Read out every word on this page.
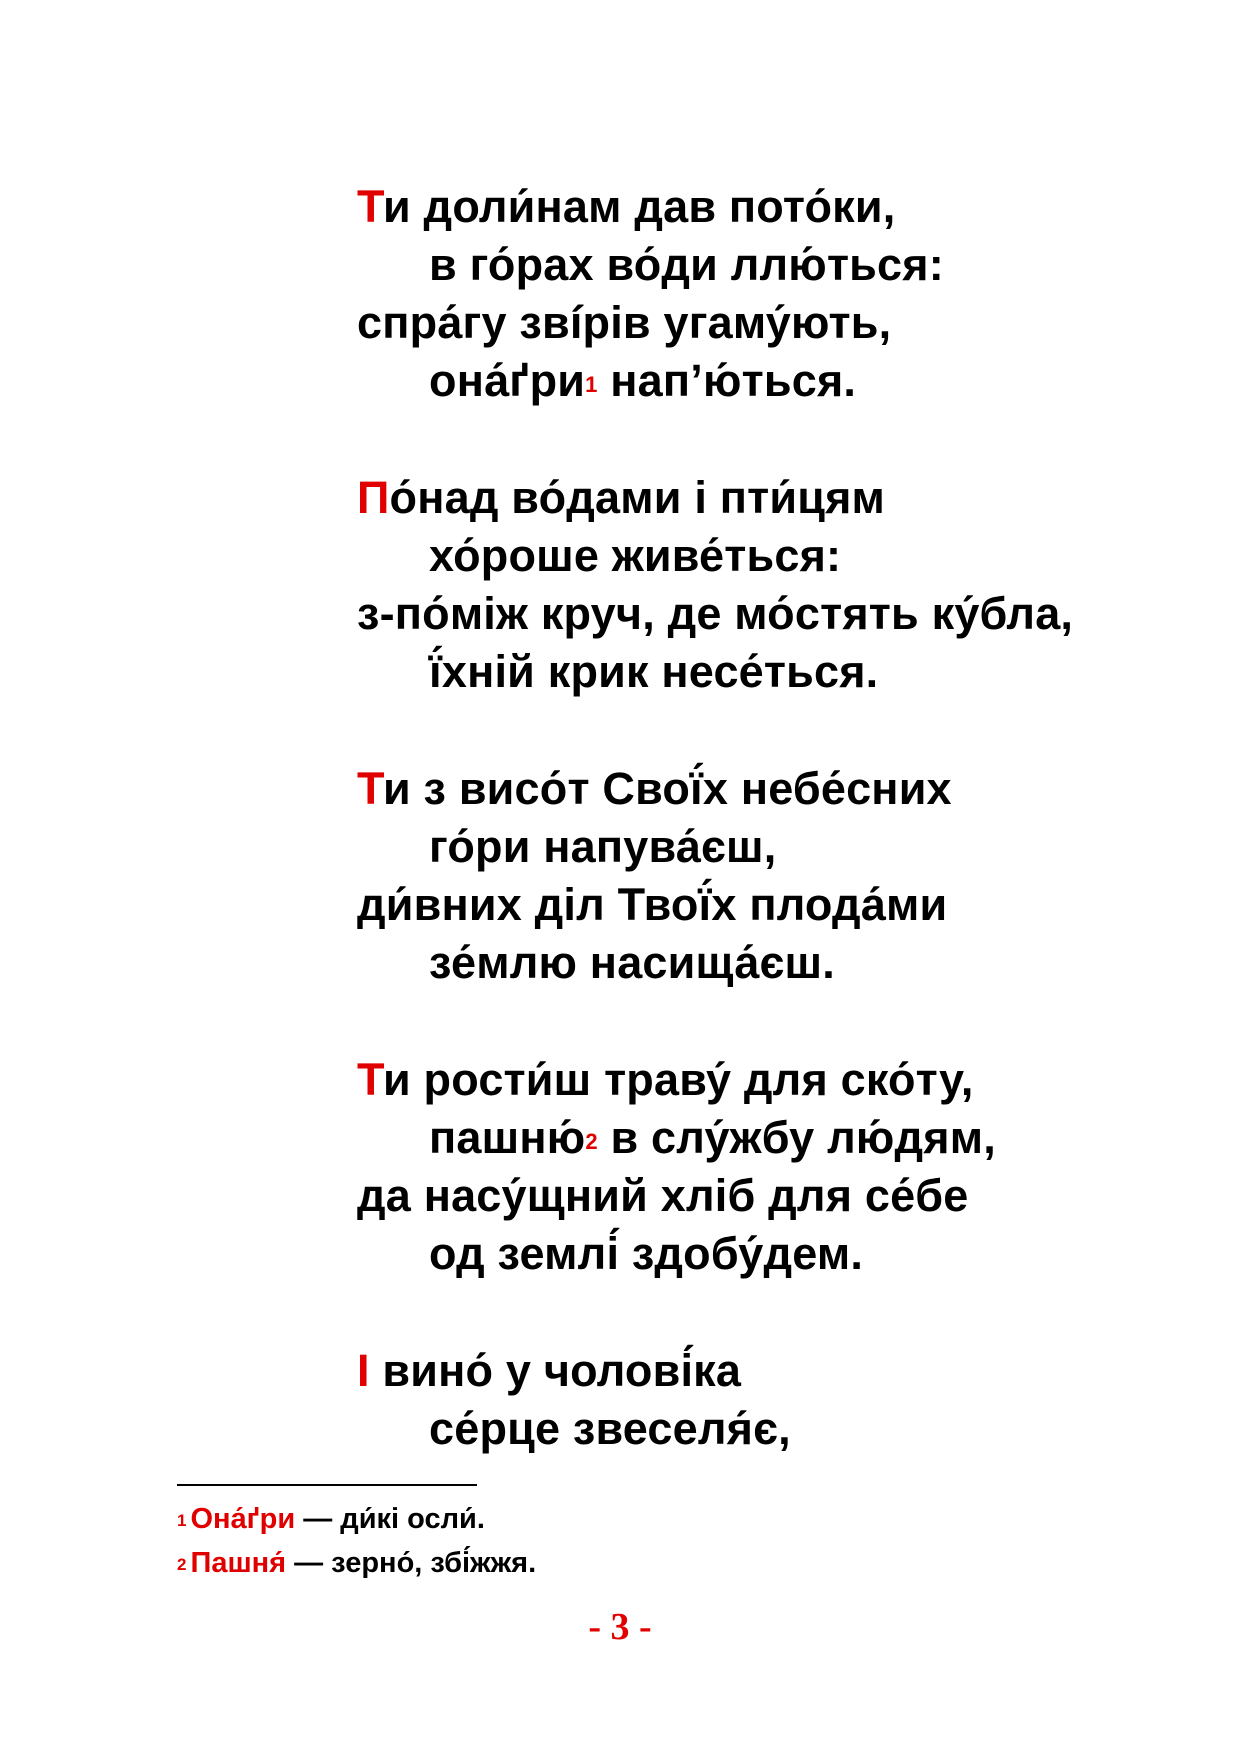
Ти доли́нам дав пото́ки,
в го́рах во́ди ллю́ться:
спра́гу звíрів угаму́ють,
она́ґри$^1$ нап’ю́ться.
По́над во́дами і пти́цям
хо́роше живе́ться:
з-по́між круч, де мо́стять ку́бла,
ї́хній крик несе́ться.
Ти з висо́т Свої́х небе́сних
го́ри напува́єш,
ди́вних діл Твої́х плода́ми
зе́млю насища́єш.
Ти рости́ш траву́ для ско́ту,
пашню́$^2$ в слу́жбу лю́дям,
да насу́щний хліб для се́бе
од землі́ здобу́дем.
І вино́ у чолові́ка
се́рце звеселя́є,
$^1$ Она́ґри — ди́кі осли́.
$^2$ Пашня́ — зерно́, збі́жжя.
- 3 -
